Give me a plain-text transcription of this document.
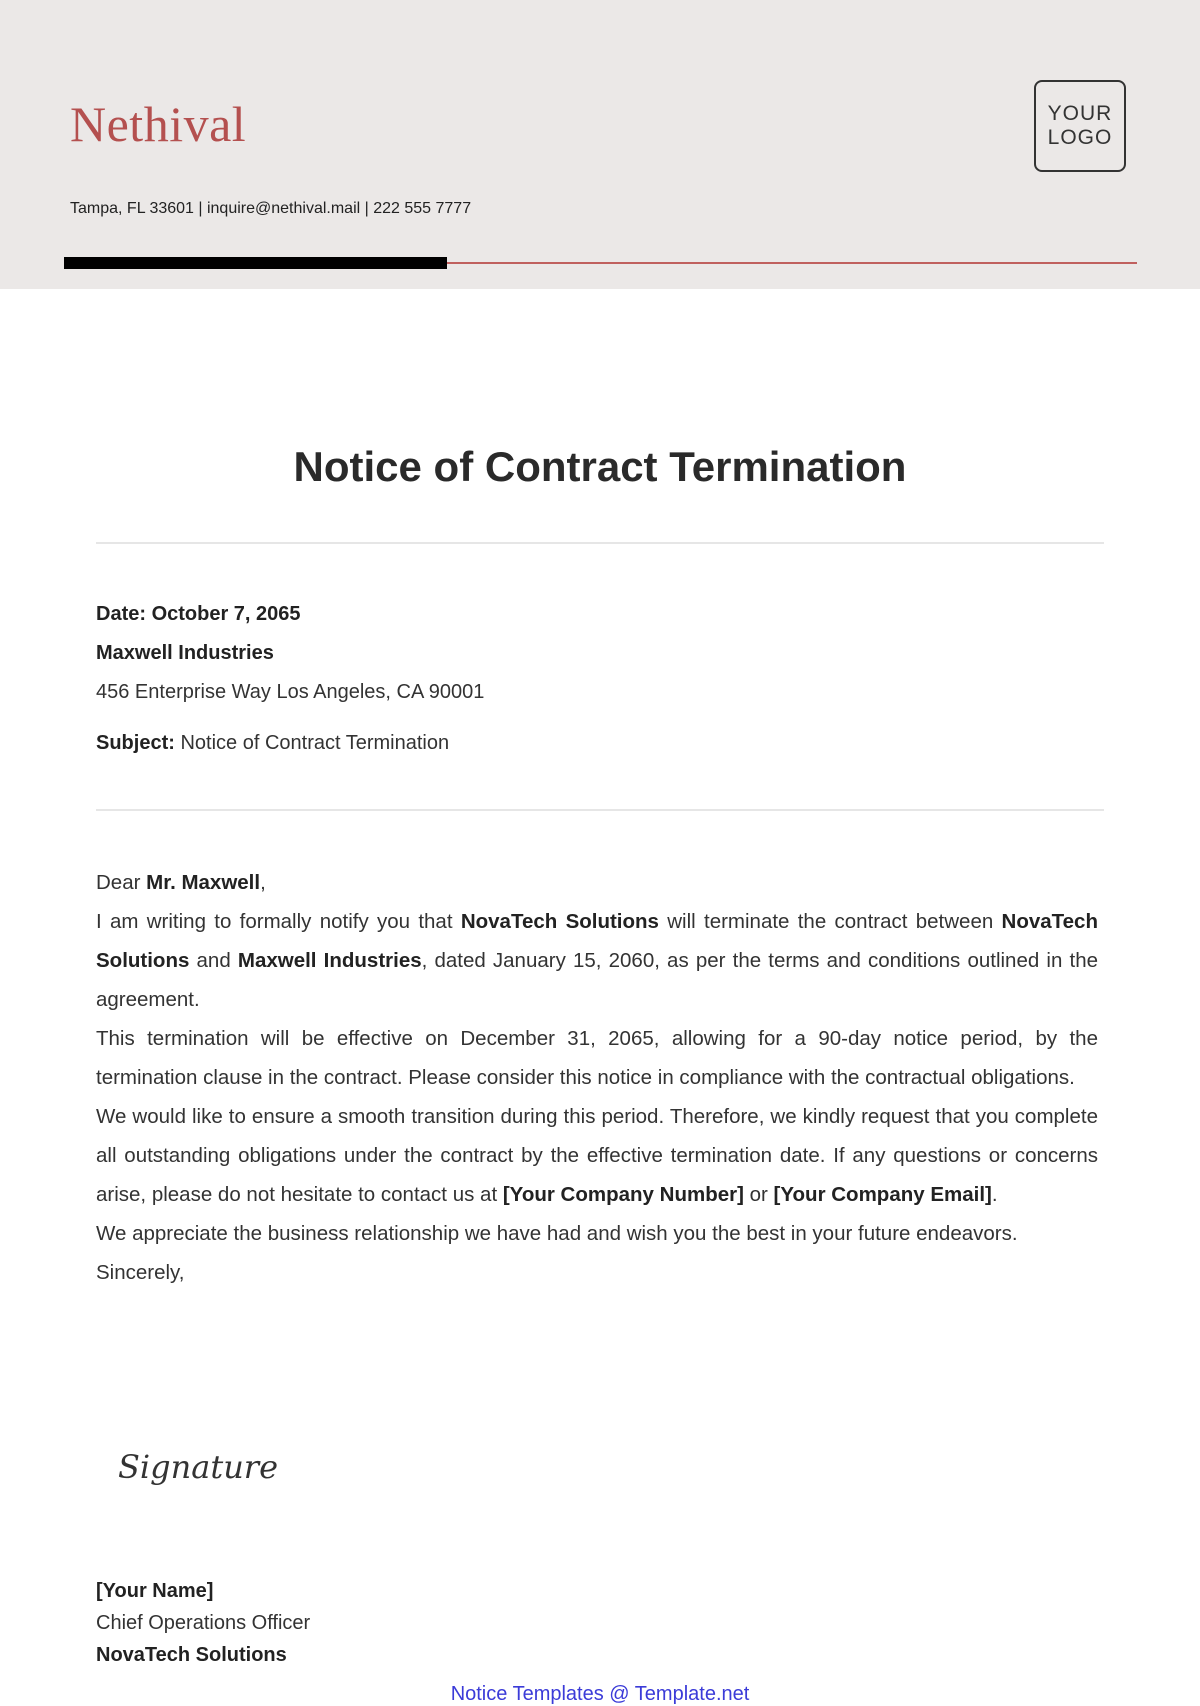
Nethival
Tampa, FL 33601 | inquire@nethival.mail | 222 555 7777
YOUR
LOGO
Notice of Contract Termination
Date: October 7, 2065
Maxwell Industries
456 Enterprise Way Los Angeles, CA 90001
Subject: Notice of Contract Termination

Dear Mr. Maxwell,

I am writing to formally notify you that NovaTech Solutions will terminate the contract between NovaTech Solutions and Maxwell Industries, dated January 15, 2060, as per the terms and conditions outlined in the agreement.

This termination will be effective on December 31, 2065, allowing for a 90-day notice period, by the termination clause in the contract. Please consider this notice in compliance with the contractual obligations.

We would like to ensure a smooth transition during this period. Therefore, we kindly request that you complete all outstanding obligations under the contract by the effective termination date. If any questions or concerns arise, please do not hesitate to contact us at [Your Company Number] or [Your Company Email].

We appreciate the business relationship we have had and wish you the best in your future endeavors.

Sincerely,

Signature
[Your Name]
Chief Operations Officer
NovaTech Solutions
Notice Templates @ Template.net
